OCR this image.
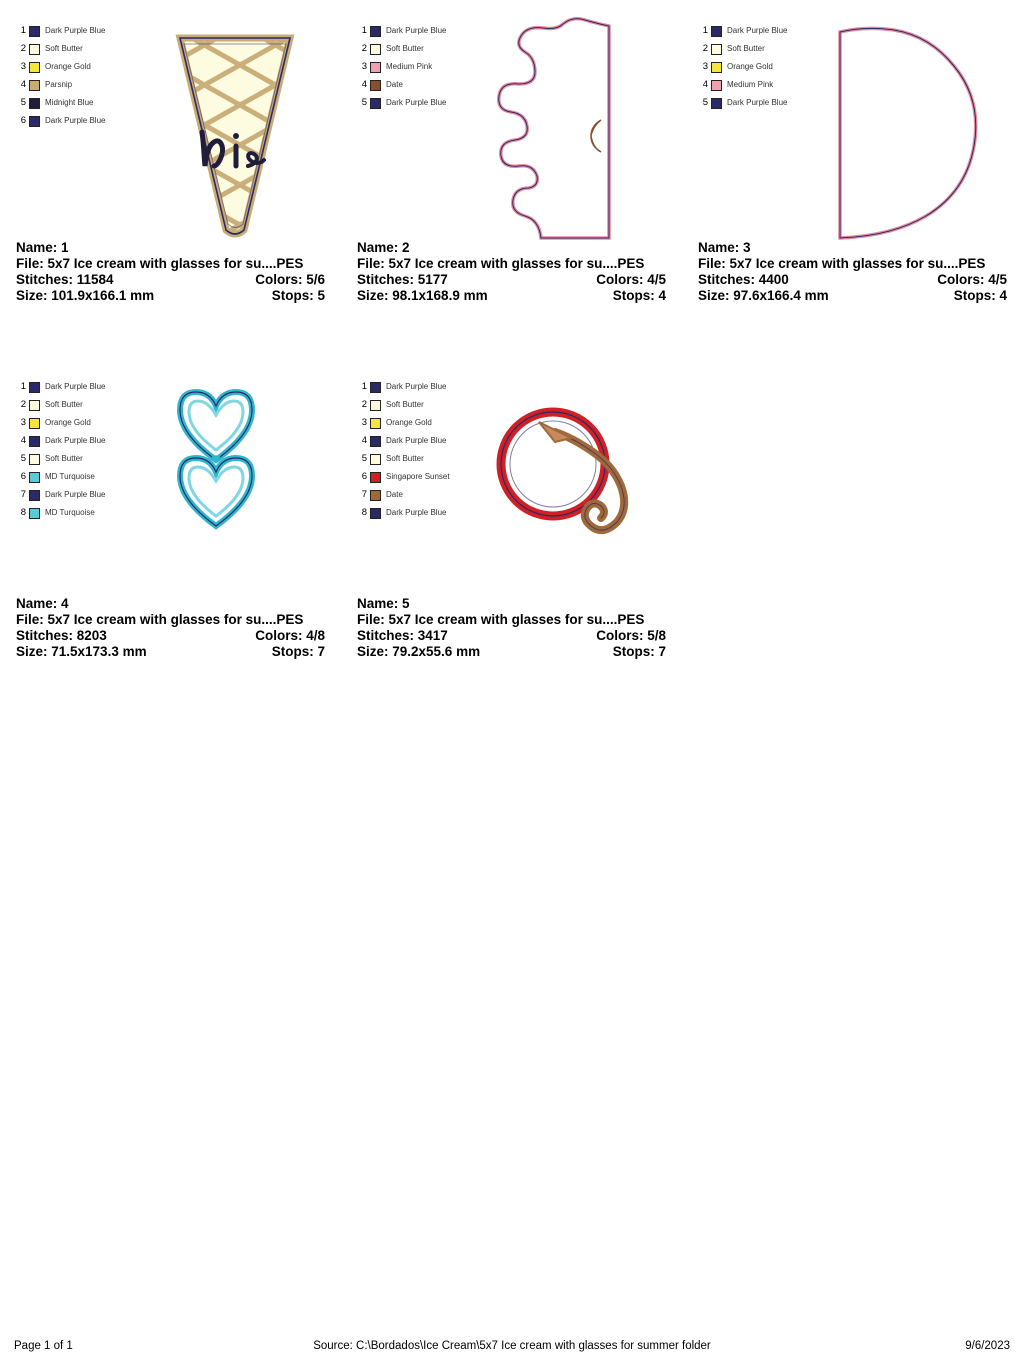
1 Dark Purple Blue
2 Soft Butter
3 Orange Gold
4 Parsnip
5 Midnight Blue
6 Dark Purple Blue
Name: 1
File: 5x7 Ice cream with glasses for su....PES
Stitches: 11584	Colors: 5/6
Size: 101.9x166.1 mm	Stops: 5
1 Dark Purple Blue
2 Soft Butter
3 Medium Pink
4 Date
5 Dark Purple Blue
Name: 2
File: 5x7 Ice cream with glasses for su....PES
Stitches: 5177	Colors: 4/5
Size: 98.1x168.9 mm	Stops: 4
1 Dark Purple Blue
2 Soft Butter
3 Orange Gold
4 Medium Pink
5 Dark Purple Blue
Name: 3
File: 5x7 Ice cream with glasses for su....PES
Stitches: 4400	Colors: 4/5
Size: 97.6x166.4 mm	Stops: 4
1 Dark Purple Blue
2 Soft Butter
3 Orange Gold
4 Dark Purple Blue
5 Soft Butter
6 MD Turquoise
7 Dark Purple Blue
8 MD Turquoise
Name: 4
File: 5x7 Ice cream with glasses for su....PES
Stitches: 8203	Colors: 4/8
Size: 71.5x173.3 mm	Stops: 7
1 Dark Purple Blue
2 Soft Butter
3 Orange Gold
4 Dark Purple Blue
5 Soft Butter
6 Singapore Sunset
7 Date
8 Dark Purple Blue
Name: 5
File: 5x7 Ice cream with glasses for su....PES
Stitches: 3417	Colors: 5/8
Size: 79.2x55.6 mm	Stops: 7
Page 1 of 1	Source: C:\Bordados\Ice Cream\5x7 Ice cream with glasses for summer folder	9/6/2023
